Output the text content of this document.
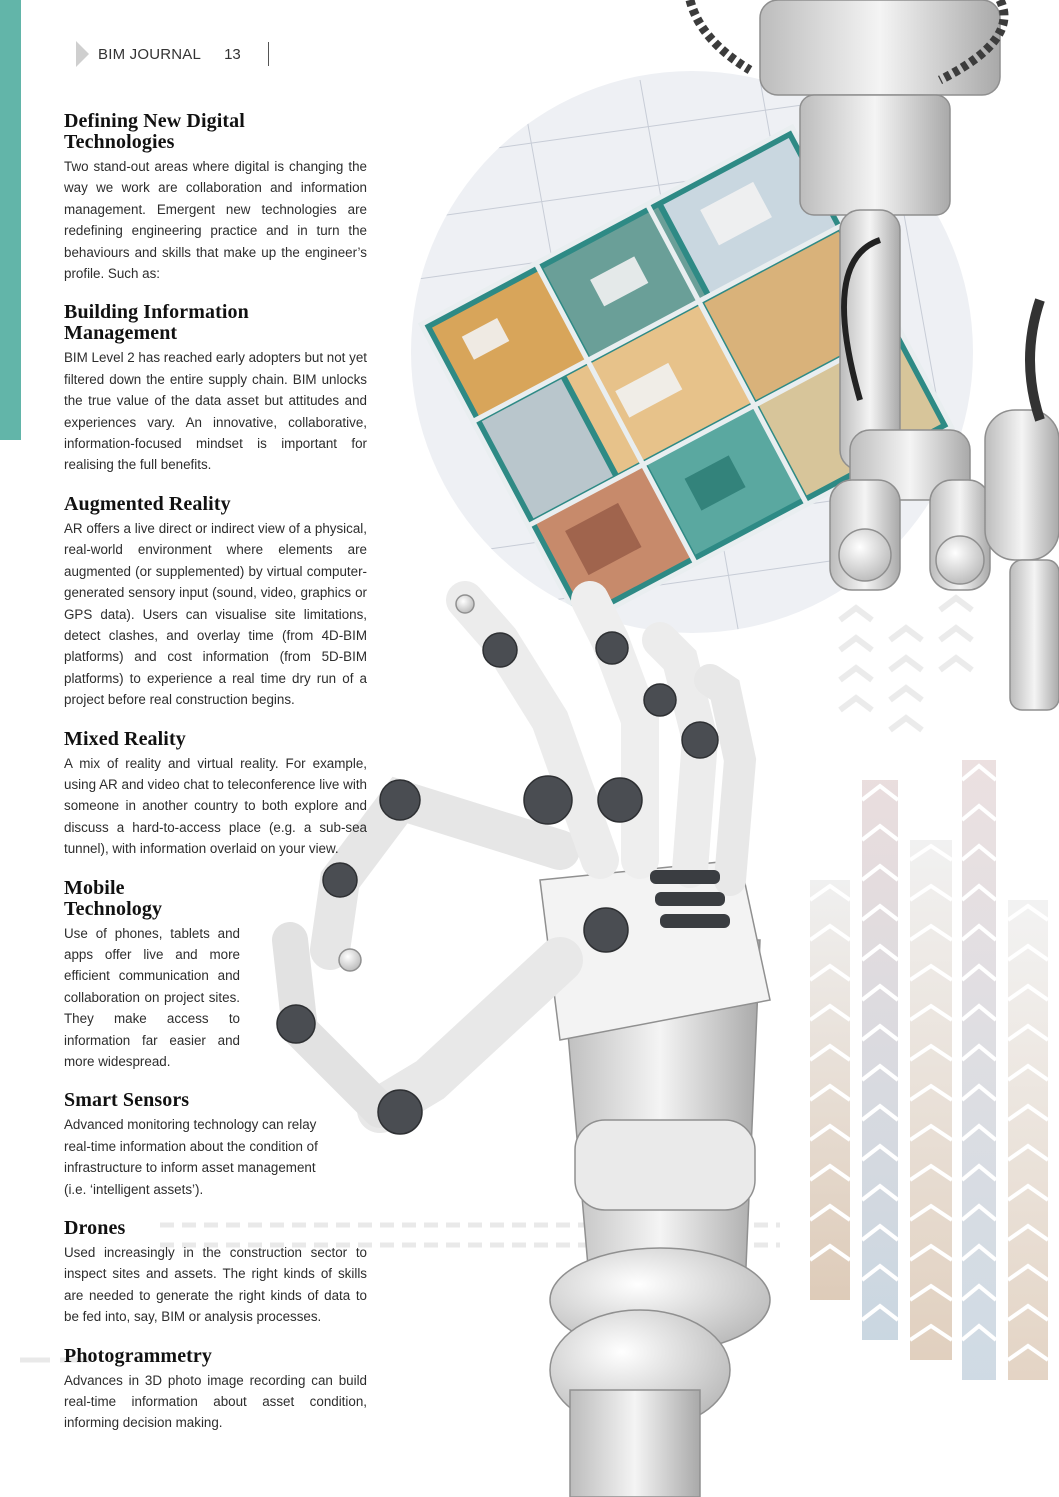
BIM JOURNAL 13
Defining New Digital Technologies

Two stand-out areas where digital is changing the way we work are collaboration and information management. Emergent new technologies are redefining engineering practice and in turn the behaviours and skills that make up the engineer’s profile. Such as:

Building Information Management

BIM Level 2 has reached early adopters but not yet filtered down the entire supply chain. BIM unlocks the true value of the data asset but attitudes and experiences vary. An innovative, collaborative, information-focused mindset is important for realising the full benefits.

Augmented Reality

AR offers a live direct or indirect view of a physical, real-world environment where elements are augmented (or supplemented) by virtual computer-generated sensory input (sound, video, graphics or GPS data). Users can visualise site limitations, detect clashes, and overlay time (from 4D-BIM platforms) and cost information (from 5D-BIM platforms) to experience a real time dry run of a project before real construction begins.

Mixed Reality

A mix of reality and virtual reality. For example, using AR and video chat to teleconference live with someone in another country to both explore and discuss a hard-to-access place (e.g. a sub-sea tunnel), with information overlaid on your view.

Mobile Technology

Use of phones, tablets and apps offer live and more efficient communication and collaboration on project sites. They make access to information far easier and more widespread.

Smart Sensors

Advanced monitoring technology can relay real-time information about the condition of infrastructure to inform asset management (i.e. ‘intelligent assets’).

Drones

Used increasingly in the construction sector to inspect sites and assets. The right kinds of skills are needed to generate the right kinds of data to be fed into, say, BIM or analysis processes.

Photogrammetry

Advances in 3D photo image recording can build real-time information about asset condition, informing decision making.
